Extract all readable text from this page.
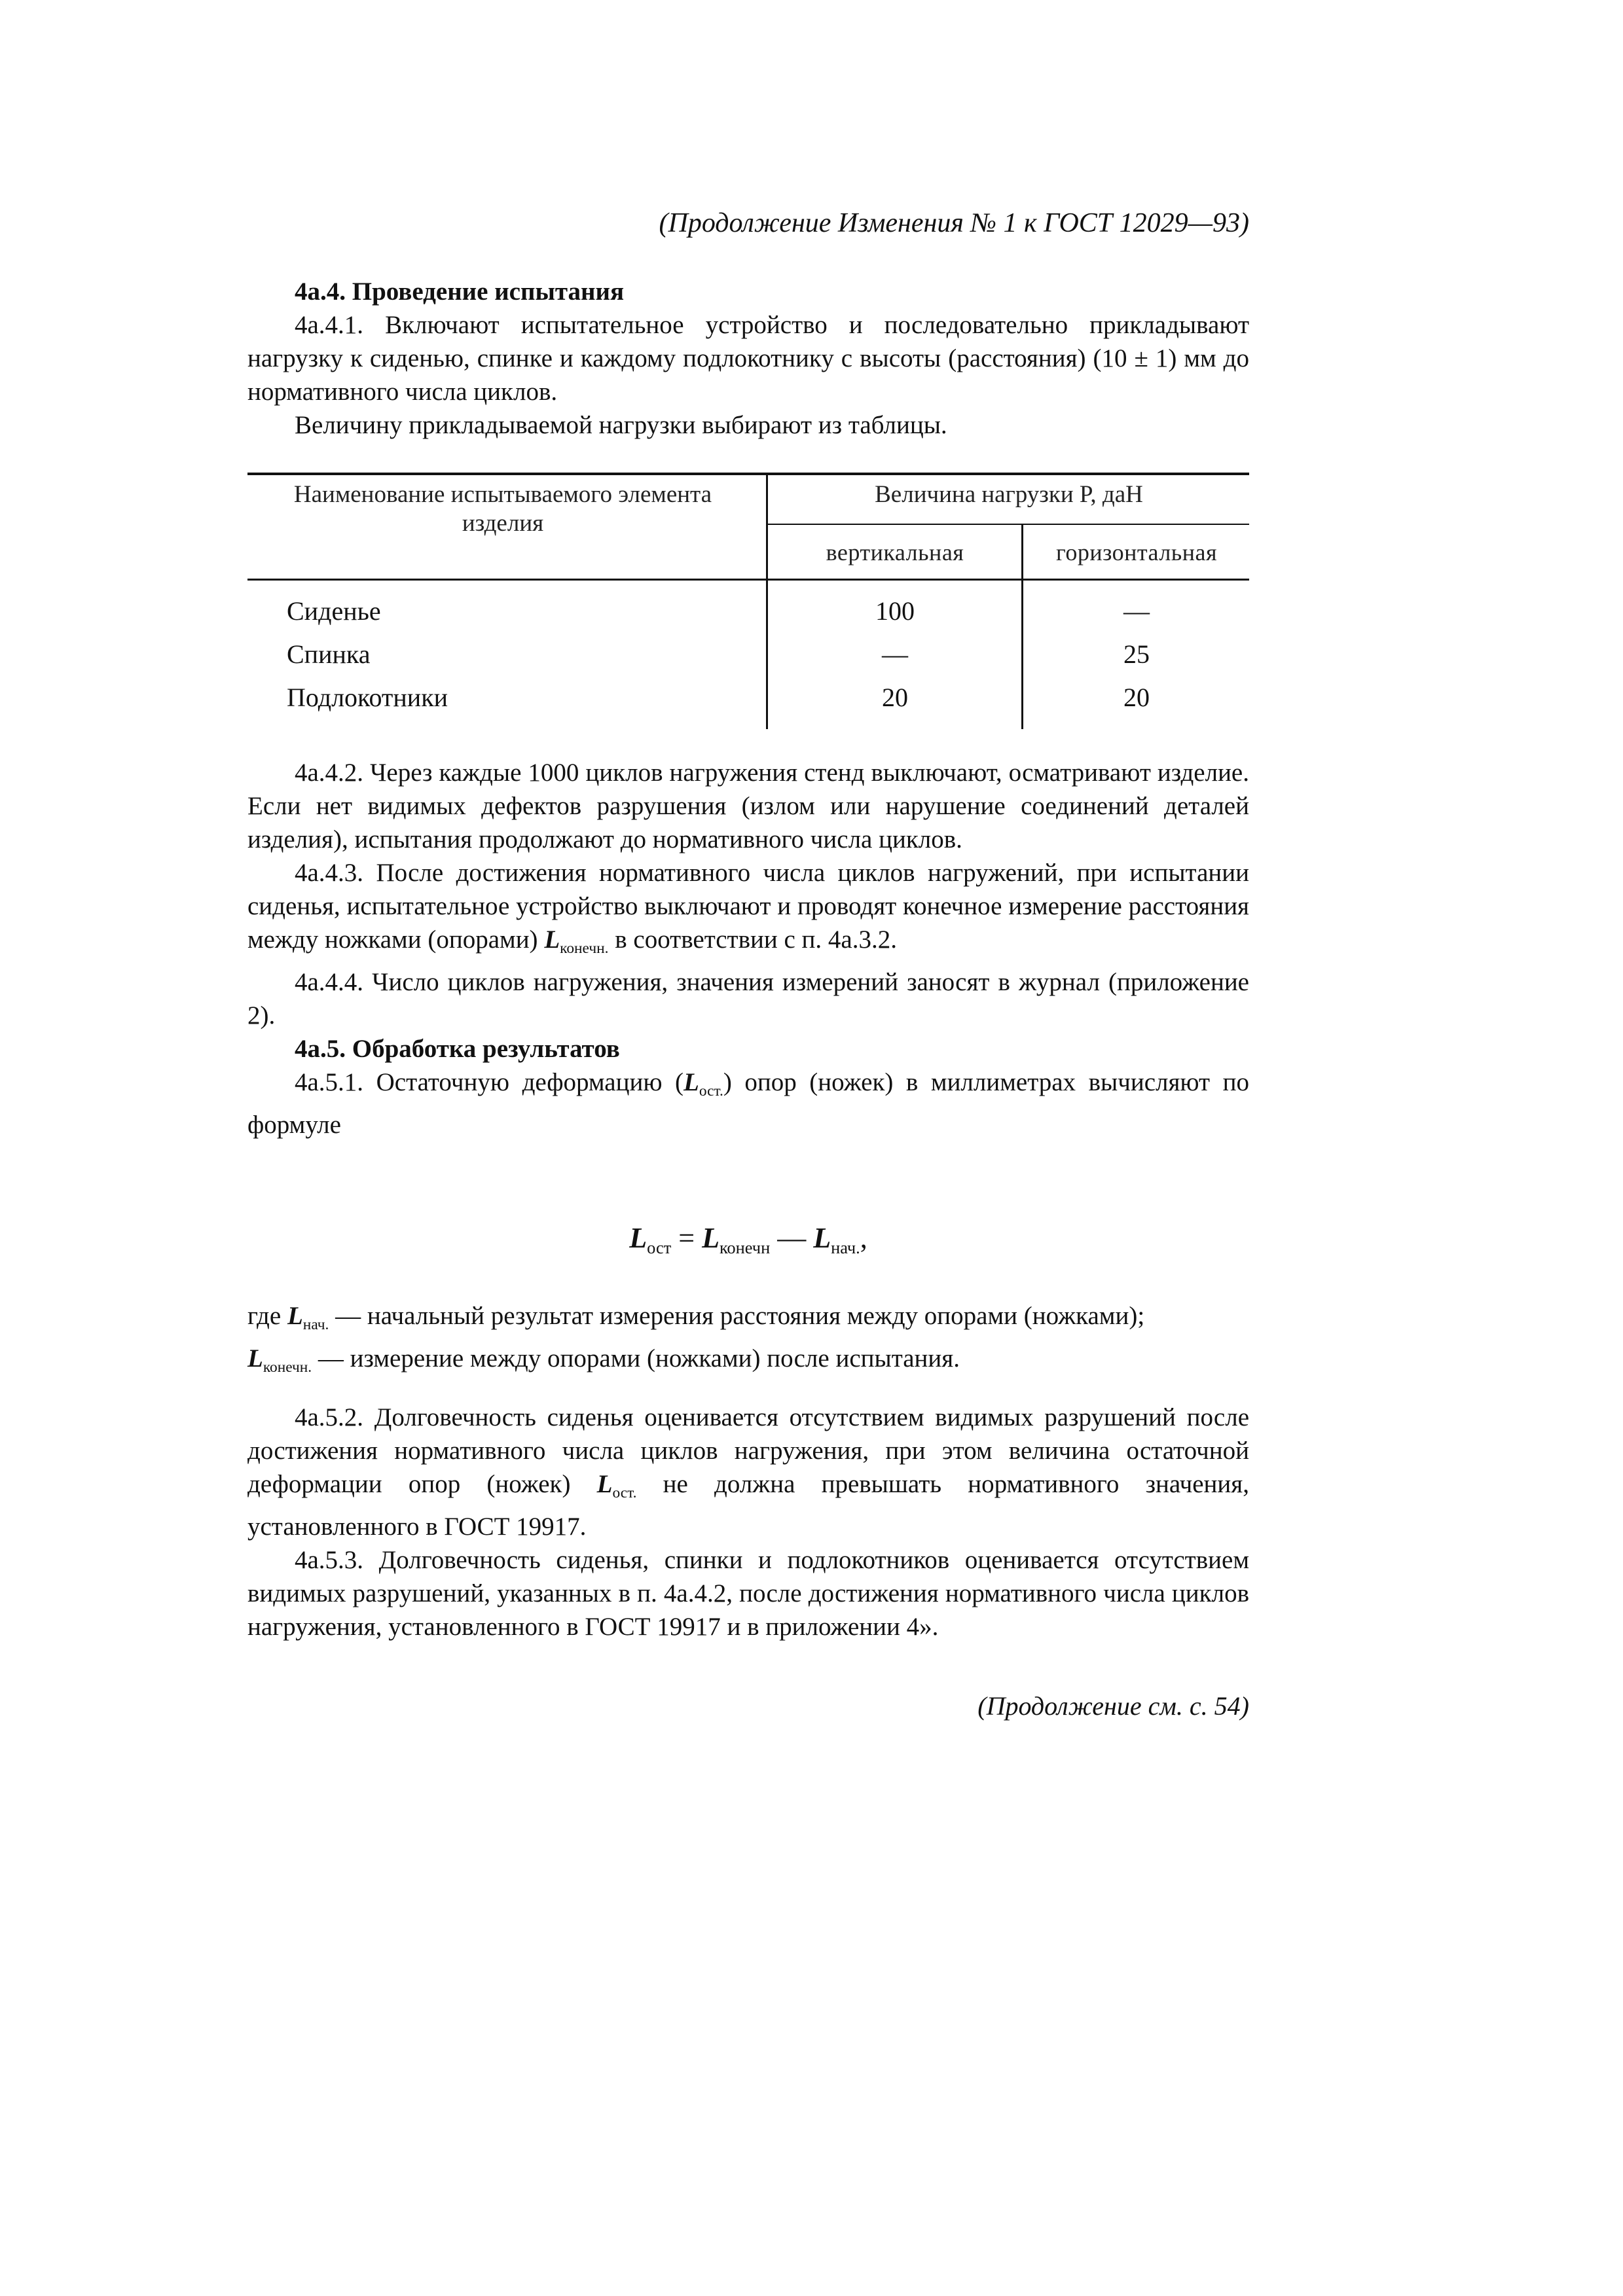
(Продолжение Изменения № 1 к ГОСТ 12029—93)

4а.4. Проведение испытания

4а.4.1. Включают испытательное устройство и последовательно прикладывают нагрузку к сиденью, спинке и каждому подлокотнику с высоты (расстояния) (10 ± 1) мм до нормативного числа циклов.

Величину прикладываемой нагрузки выбирают из таблицы.

Наименование испытываемого элемента изделия
Величина нагрузки P, даН
вертикальная	горизонтальная
Сиденье	100	—
Спинка	—	25
Подлокотники	20	20

4а.4.2. Через каждые 1000 циклов нагружения стенд выключают, осматривают изделие. Если нет видимых дефектов разрушения (излом или нарушение соединений деталей изделия), испытания продолжают до нормативного числа циклов.

4а.4.3. После достижения нормативного числа циклов нагружений, при испытании сиденья, испытательное устройство выключают и проводят конечное измерение расстояния между ножками (опорами) $L_{конечн.}$ в соответствии с п. 4а.3.2.

4а.4.4. Число циклов нагружения, значения измерений заносят в журнал (приложение 2).

4а.5. Обработка результатов

4а.5.1. Остаточную деформацию $(L_{ост.})$ опор (ножек) в миллиметрах вычисляют по формуле

$L_{ост} = L_{конечн}$ — $L_{нач.}$,

где $L_{нач.}$ — начальный результат измерения расстояния между опорами (ножками);

$L_{конечн.}$ — измерение между опорами (ножками) после испытания.

4а.5.2. Долговечность сиденья оценивается отсутствием видимых разрушений после достижения нормативного числа циклов нагружения, при этом величина остаточной деформации опор (ножек) $L_{ост.}$ не должна превышать нормативного значения, установленного в ГОСТ 19917.

4а.5.3. Долговечность сиденья, спинки и подлокотников оценивается отсутствием видимых разрушений, указанных в п. 4а.4.2, после достижения нормативного числа циклов нагружения, установленного в ГОСТ 19917 и в приложении 4».

(Продолжение см. с. 54)
